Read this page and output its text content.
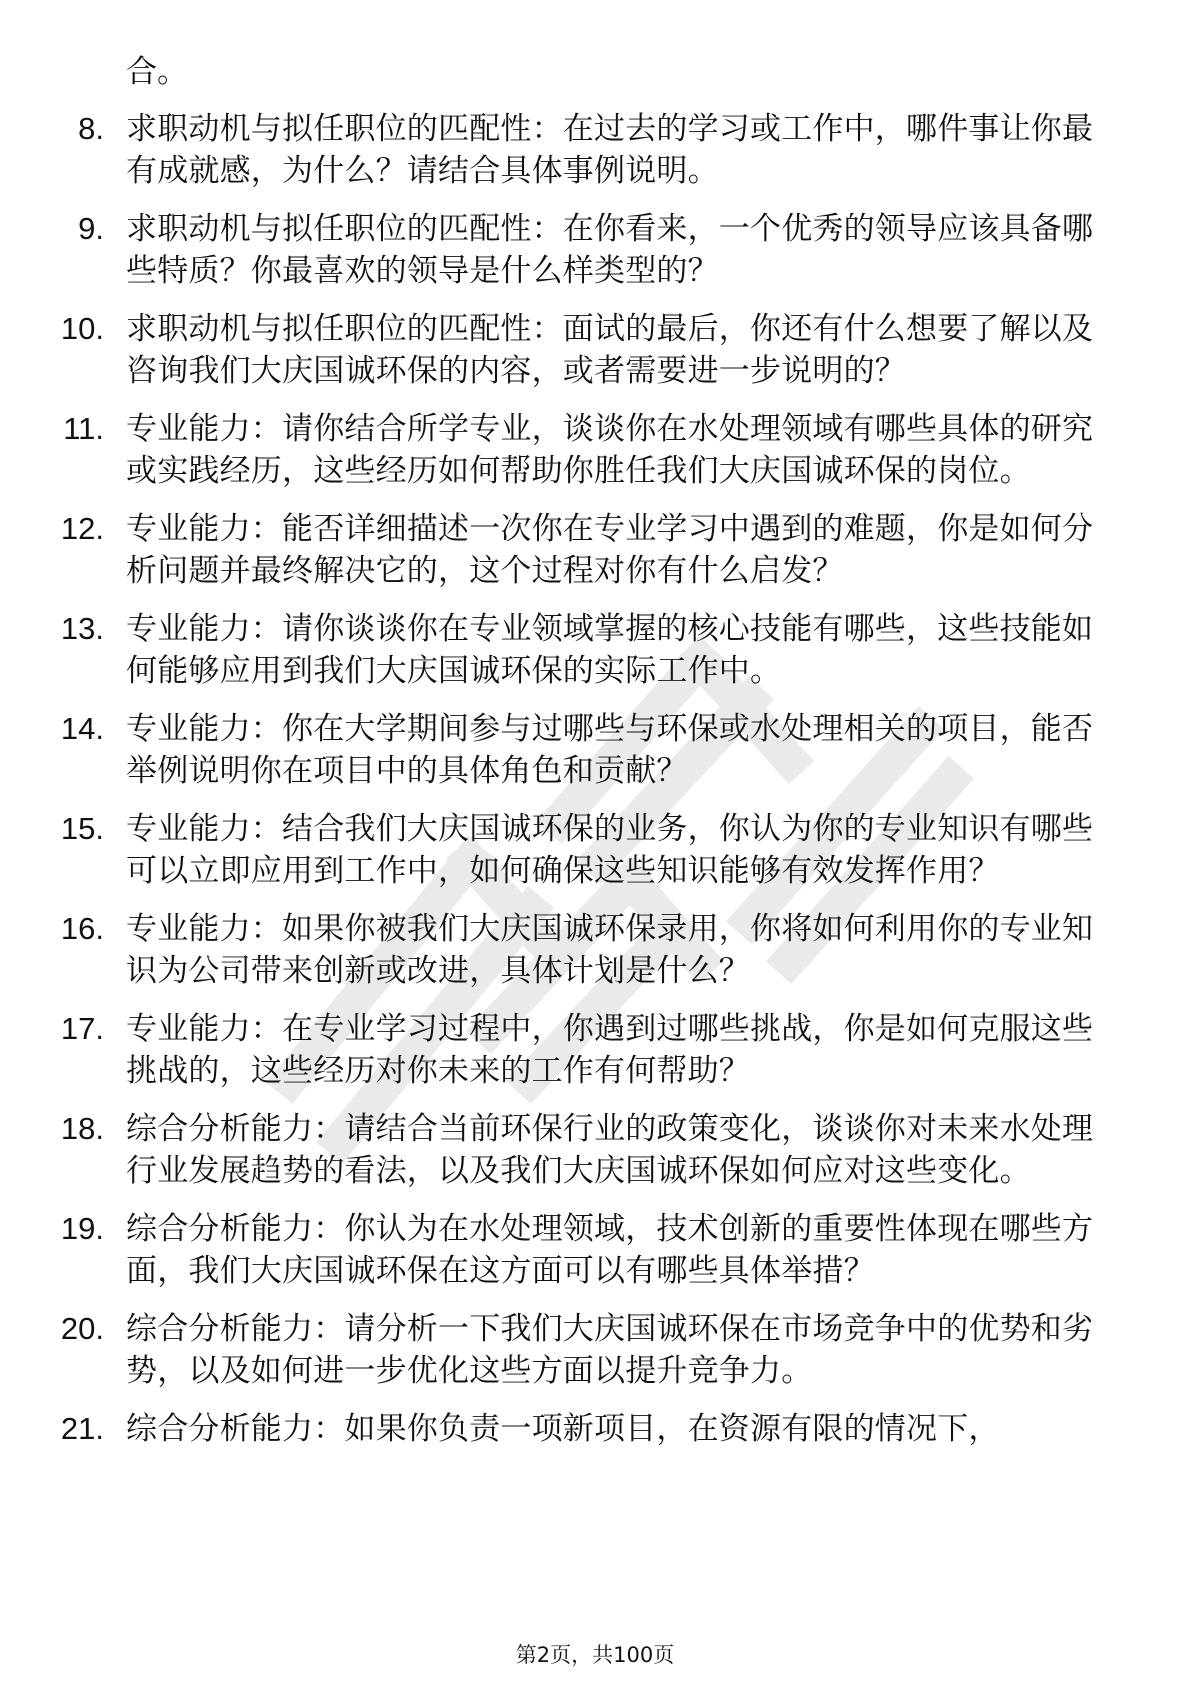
合。

8. 求职动机与拟任职位的匹配性：在过去的学习或工作中，哪件事让你最有成就感，为什么？请结合具体事例说明。
9. 求职动机与拟任职位的匹配性：在你看来，一个优秀的领导应该具备哪些特质？你最喜欢的领导是什么样类型的？
10. 求职动机与拟任职位的匹配性：面试的最后，你还有什么想要了解以及咨询我们大庆国诚环保的内容，或者需要进一步说明的？
11. 专业能力：请你结合所学专业，谈谈你在水处理领域有哪些具体的研究或实践经历，这些经历如何帮助你胜任我们大庆国诚环保的岗位。
12. 专业能力：能否详细描述一次你在专业学习中遇到的难题，你是如何分析问题并最终解决它的，这个过程对你有什么启发？
13. 专业能力：请你谈谈你在专业领域掌握的核心技能有哪些，这些技能如何能够应用到我们大庆国诚环保的实际工作中。
14. 专业能力：你在大学期间参与过哪些与环保或水处理相关的项目，能否举例说明你在项目中的具体角色和贡献？
15. 专业能力：结合我们大庆国诚环保的业务，你认为你的专业知识有哪些可以立即应用到工作中，如何确保这些知识能够有效发挥作用？
16. 专业能力：如果你被我们大庆国诚环保录用，你将如何利用你的专业知识为公司带来创新或改进，具体计划是什么？
17. 专业能力：在专业学习过程中，你遇到过哪些挑战，你是如何克服这些挑战的，这些经历对你未来的工作有何帮助？
18. 综合分析能力：请结合当前环保行业的政策变化，谈谈你对未来水处理行业发展趋势的看法，以及我们大庆国诚环保如何应对这些变化。
19. 综合分析能力：你认为在水处理领域，技术创新的重要性体现在哪些方面，我们大庆国诚环保在这方面可以有哪些具体举措？
20. 综合分析能力：请分析一下我们大庆国诚环保在市场竞争中的优势和劣势，以及如何进一步优化这些方面以提升竞争力。
21. 综合分析能力：如果你负责一项新项目，在资源有限的情况下，
第2页，共100页
